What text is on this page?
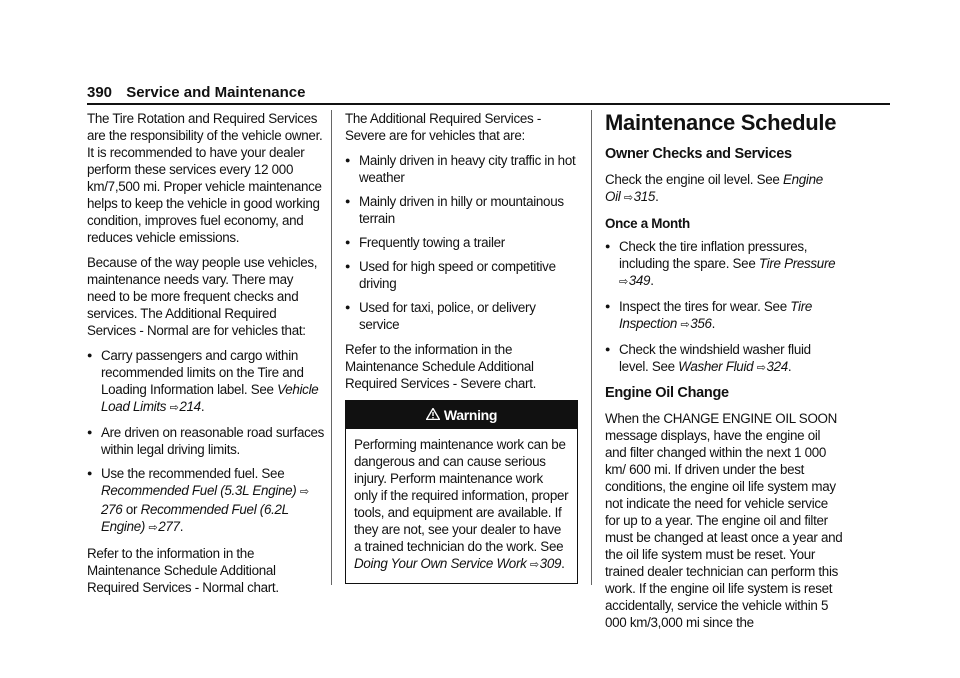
390 Service and Maintenance

The Tire Rotation and Required Services are the responsibility of the vehicle owner. It is recommended to have your dealer perform these services every 12 000 km/7,500 mi. Proper vehicle maintenance helps to keep the vehicle in good working condition, improves fuel economy, and reduces vehicle emissions.

Because of the way people use vehicles, maintenance needs vary. There may need to be more frequent checks and services. The Additional Required Services - Normal are for vehicles that:

● Carry passengers and cargo within recommended limits on the Tire and Loading Information label. See Vehicle Load Limits ⇨ 214.
● Are driven on reasonable road surfaces within legal driving limits.
● Use the recommended fuel. See Recommended Fuel (5.3L Engine) ⇨ 276 or Recommended Fuel (6.2L Engine) ⇨ 277.

Refer to the information in the Maintenance Schedule Additional Required Services - Normal chart.

The Additional Required Services - Severe are for vehicles that are:

● Mainly driven in heavy city traffic in hot weather
● Mainly driven in hilly or mountainous terrain
● Frequently towing a trailer
● Used for high speed or competitive driving
● Used for taxi, police, or delivery service

Refer to the information in the Maintenance Schedule Additional Required Services - Severe chart.

Warning
Performing maintenance work can be dangerous and can cause serious injury. Perform maintenance work only if the required information, proper tools, and equipment are available. If they are not, see your dealer to have a trained technician do the work. See Doing Your Own Service Work ⇨ 309.
Maintenance Schedule
Owner Checks and Services

Check the engine oil level. See Engine Oil ⇨ 315.

Once a Month
● Check the tire inflation pressures, including the spare. See Tire Pressure ⇨ 349.
● Inspect the tires for wear. See Tire Inspection ⇨ 356.
● Check the windshield washer fluid level. See Washer Fluid ⇨ 324.
Engine Oil Change

When the CHANGE ENGINE OIL SOON message displays, have the engine oil and filter changed within the next 1 000 km/ 600 mi. If driven under the best conditions, the engine oil life system may not indicate the need for vehicle service for up to a year. The engine oil and filter must be changed at least once a year and the oil life system must be reset. Your trained dealer technician can perform this work. If the engine oil life system is reset accidentally, service the vehicle within 5 000 km/3,000 mi since the
